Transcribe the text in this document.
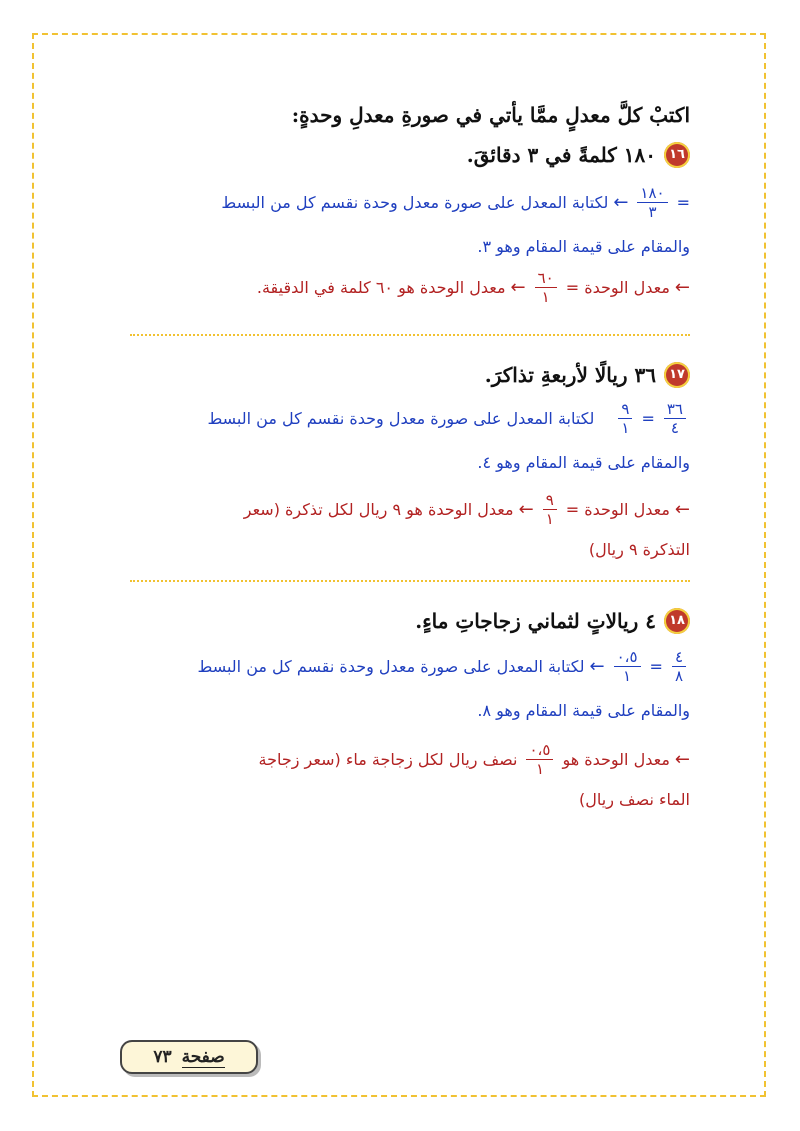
اكتبْ كلَّ معدلٍ ممَّا يأتي في صورةِ معدلِ وحدةٍ:

١٦
١٨٠ كلمةً في ٣ دقائقَ.

=
$\frac{١٨٠}{٣}$
←
لكتابة المعدل على صورة معدل وحدة نقسم كل من البسط

والمقام على قيمة المقام وهو ٣.

←
معدل الوحدة =
$\frac{٦٠}{١}$
←
معدل الوحدة هو ٦٠ كلمة في الدقيقة.

١٧
٣٦ ريالًا لأربعةِ تذاكرَ.

$\frac{٣٦}{٤}$
=
$\frac{٩}{١}$
لكتابة المعدل على صورة معدل وحدة نقسم كل من البسط

والمقام على قيمة المقام وهو ٤.

←
معدل الوحدة =
$\frac{٩}{١}$
←
معدل الوحدة هو ٩ ريال لكل تذكرة (سعر

التذكرة ٩ ريال)

١٨
٤ ريالاتٍ لثماني زجاجاتِ ماءٍ.

$\frac{٤}{٨}$
=
$\frac{٠،٥}{١}$
←
لكتابة المعدل على صورة معدل وحدة نقسم كل من البسط

والمقام على قيمة المقام وهو ٨.

←
معدل الوحدة هو
$\frac{٠،٥}{١}$
نصف ريال لكل زجاجة ماء (سعر زجاجة

الماء نصف ريال)

صفحة
٧٣
